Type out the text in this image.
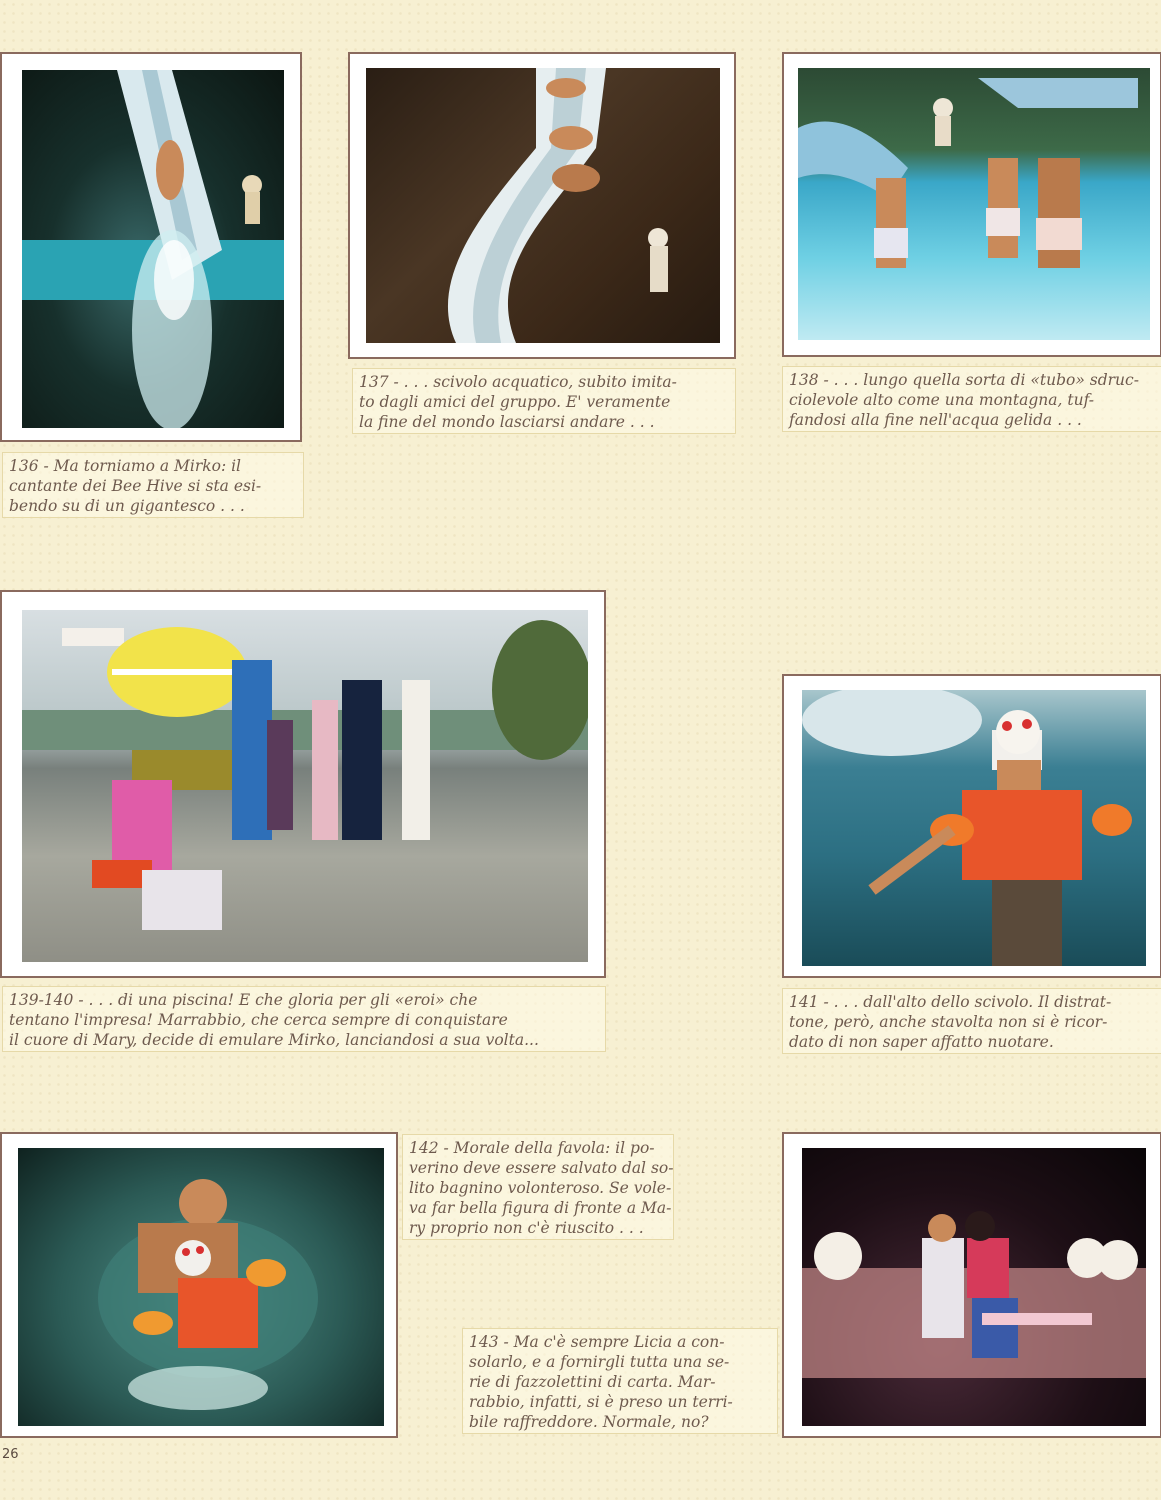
136 - Ma torniamo a Mirko: il
cantante dei Bee Hive si sta esi-
bendo su di un gigantesco . . .
137 - . . . scivolo acquatico, subito imita-
to dagli amici del gruppo. E' veramente
la fine del mondo lasciarsi andare . . .
138 - . . . lungo quella sorta di «tubo» sdruc-
ciolevole alto come una montagna, tuf-
fandosi alla fine nell'acqua gelida . . .
139-140 - . . . di una piscina! E che gloria per gli «eroi» che
tentano l'impresa! Marrabbio, che cerca sempre di conquistare
il cuore di Mary, decide di emulare Mirko, lanciandosi a sua volta...
141 - . . . dall'alto dello scivolo. Il distrat-
tone, però, anche stavolta non si è ricor-
dato di non saper affatto nuotare.
142 - Morale della favola: il po-
verino deve essere salvato dal so-
lito bagnino volonteroso. Se vole-
va far bella figura di fronte a Ma-
ry proprio non c'è riuscito . . .
143 - Ma c'è sempre Licia a con-
solarlo, e a fornirgli tutta una se-
rie di fazzolettini di carta. Mar-
rabbio, infatti, si è preso un terri-
bile raffreddore. Normale, no?
26
